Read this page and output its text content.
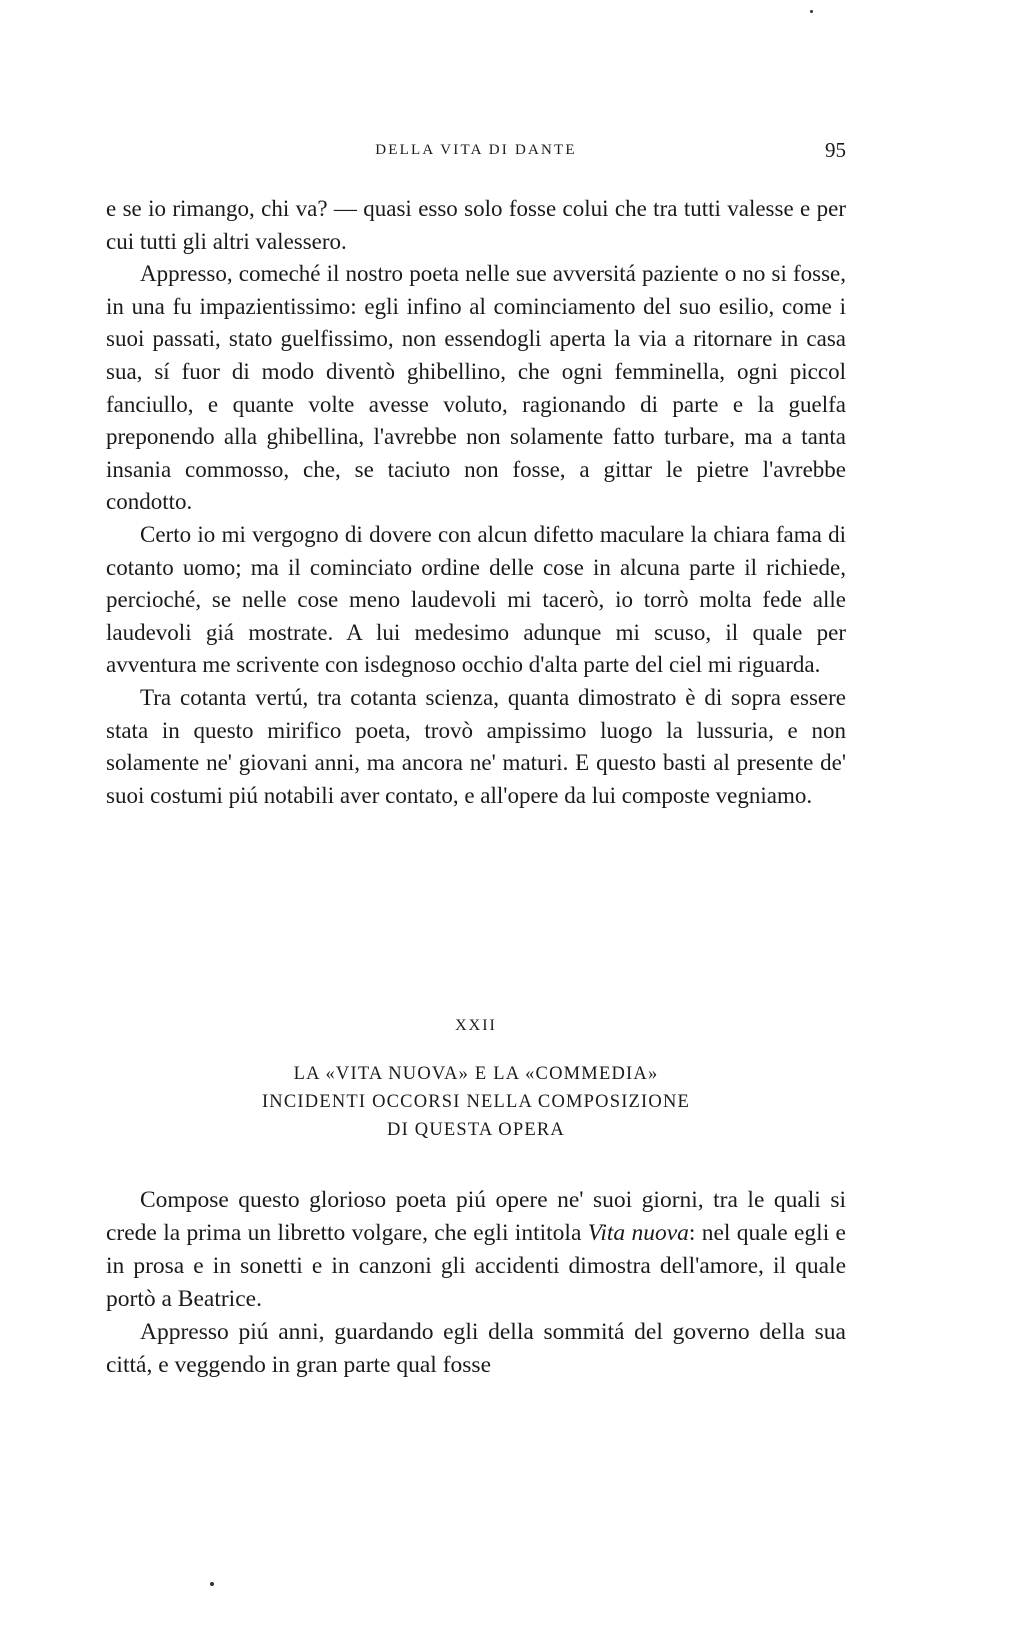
DELLA VITA DI DANTE	95

e se io rimango, chi va? — quasi esso solo fosse colui che tra tutti valesse e per cui tutti gli altri valessero.

Appresso, comeché il nostro poeta nelle sue avversitá paziente o no si fosse, in una fu impazientissimo: egli infino al cominciamento del suo esilio, come i suoi passati, stato guelfissimo, non essendogli aperta la via a ritornare in casa sua, sí fuor di modo diventò ghibellino, che ogni femminella, ogni piccol fanciullo, e quante volte avesse voluto, ragionando di parte e la guelfa preponendo alla ghibellina, l'avrebbe non solamente fatto turbare, ma a tanta insania commosso, che, se taciuto non fosse, a gittar le pietre l'avrebbe condotto.

Certo io mi vergogno di dovere con alcun difetto maculare la chiara fama di cotanto uomo; ma il cominciato ordine delle cose in alcuna parte il richiede, percioché, se nelle cose meno laudevoli mi tacerò, io torrò molta fede alle laudevoli giá mostrate. A lui medesimo adunque mi scuso, il quale per avventura me scrivente con isdegnoso occhio d'alta parte del ciel mi riguarda.

Tra cotanta vertú, tra cotanta scienza, quanta dimostrato è di sopra essere stata in questo mirifico poeta, trovò ampissimo luogo la lussuria, e non solamente ne' giovani anni, ma ancora ne' maturi. E questo basti al presente de' suoi costumi piú notabili aver contato, e all'opere da lui composte vegniamo.

XXII
LA «VITA NUOVA» E LA «COMMEDIA»
INCIDENTI OCCORSI NELLA COMPOSIZIONE
DI QUESTA OPERA

Compose questo glorioso poeta piú opere ne' suoi giorni, tra le quali si crede la prima un libretto volgare, che egli intitola Vita nuova: nel quale egli e in prosa e in sonetti e in canzoni gli accidenti dimostra dell'amore, il quale portò a Beatrice.

Appresso piú anni, guardando egli della sommitá del governo della sua cittá, e veggendo in gran parte qual fosse
